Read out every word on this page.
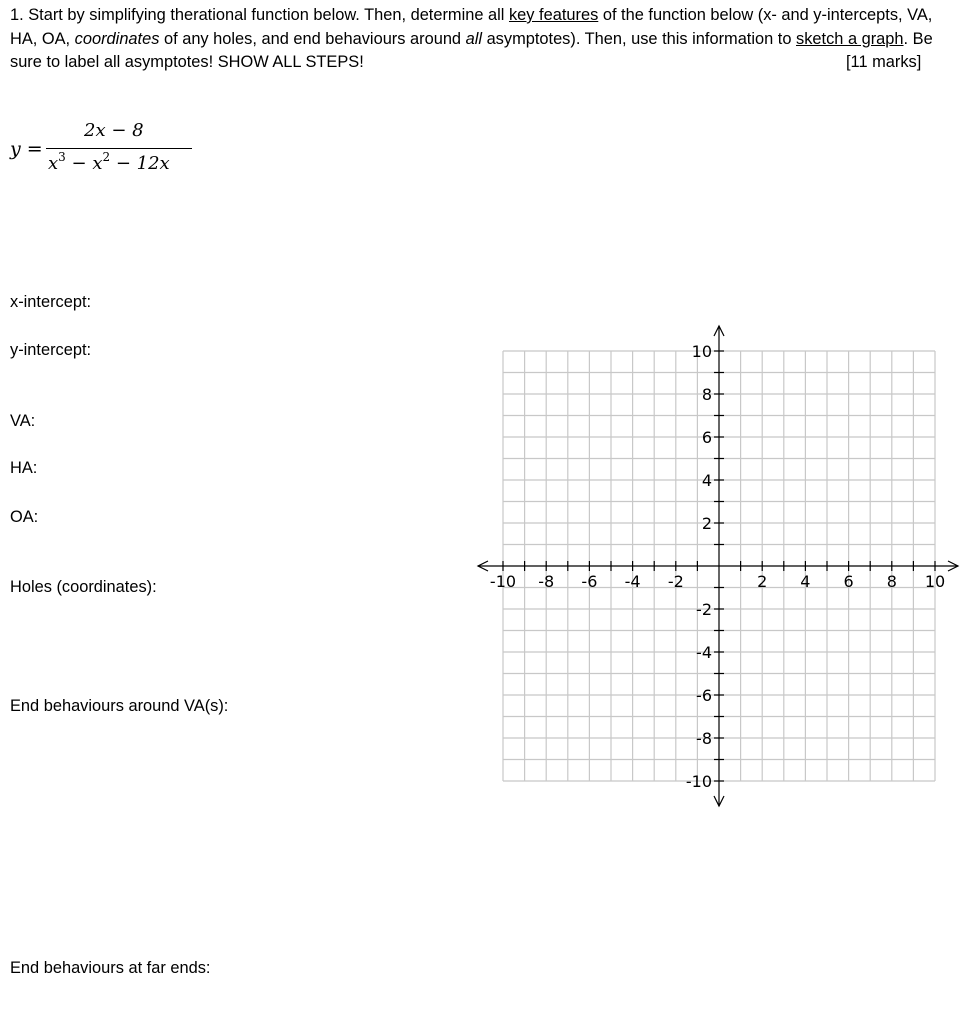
1. Start by simplifying therational function below. Then, determine all key features of the function below (x- and y-intercepts, VA, HA, OA, coordinates of any holes, and end behaviours around all asymptotes). Then, use this information to sketch a graph. Be sure to label all asymptotes! SHOW ALL STEPS!	[11 marks]
y =
2x − 8
$x^3 - x^2 - 12x$

x-intercept:

y-intercept:

VA:

HA:

OA:

Holes (coordinates):

End behaviours around VA(s):

End behaviours at far ends:

-10 -8 -6 -4 -2	2 4 6 8 10
10
8
6
4
2
-2
-4
-6
-8
-10
